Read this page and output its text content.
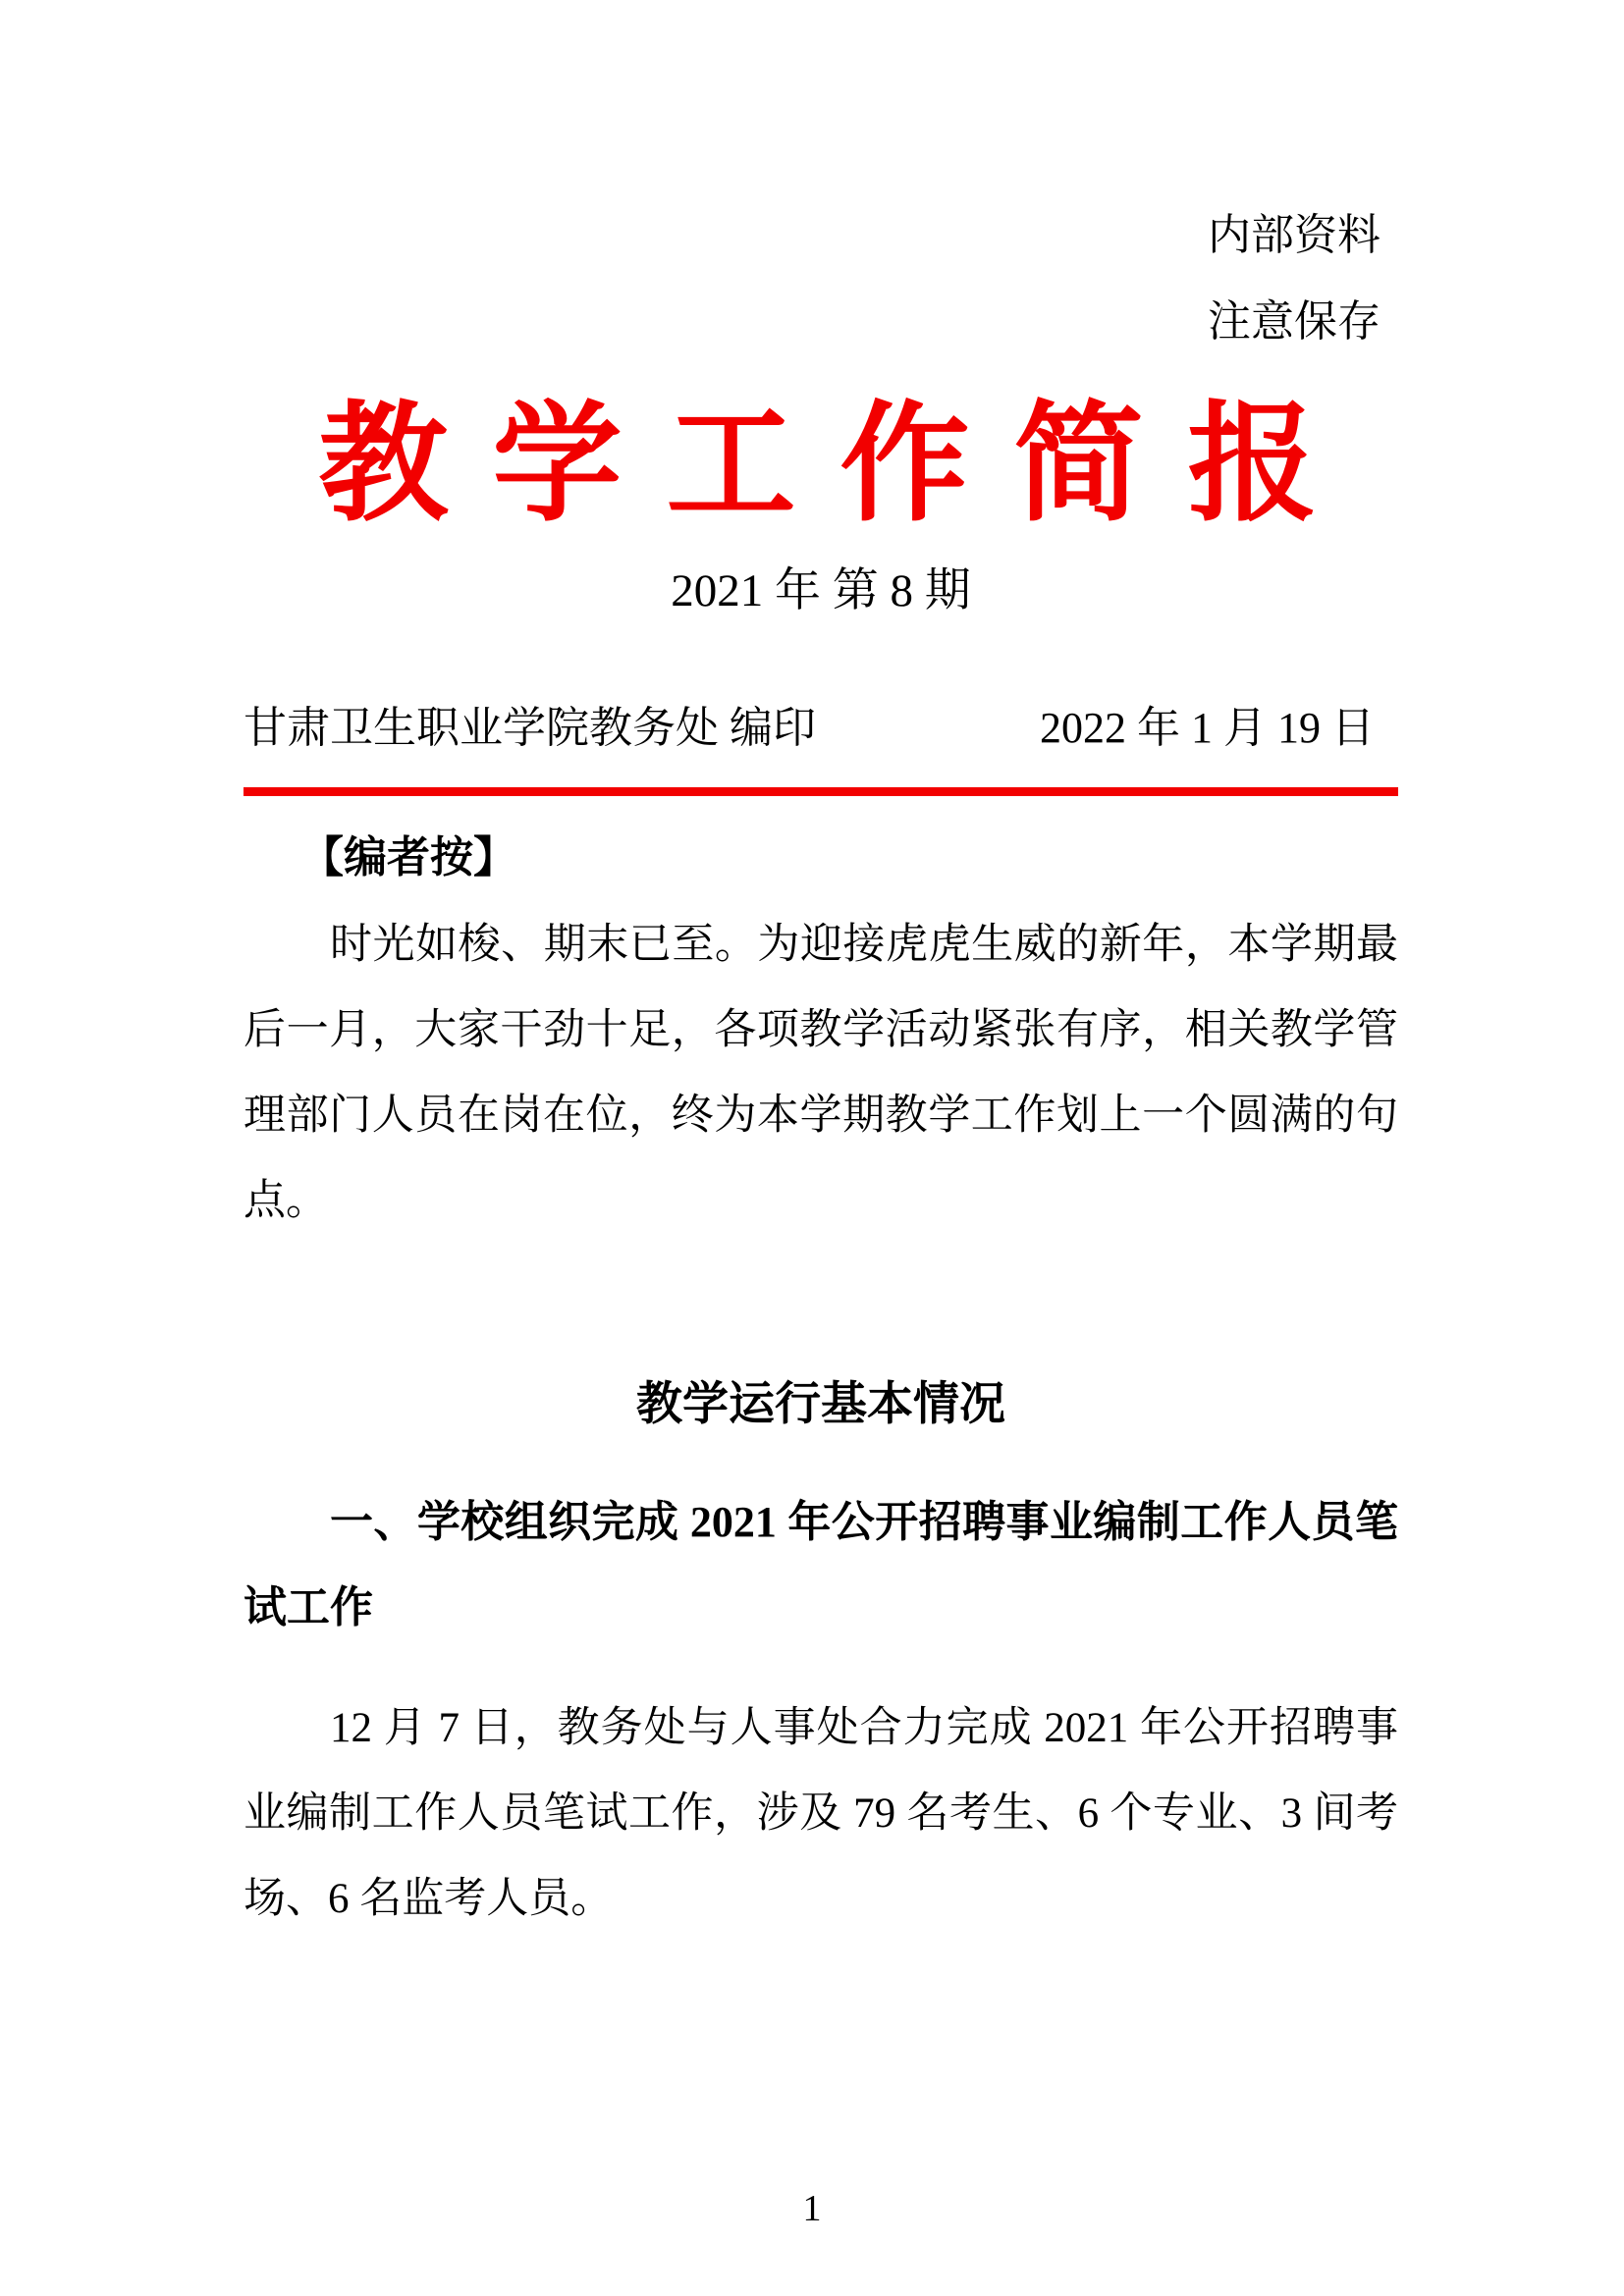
内部资料
注意保存
教 学 工 作 简 报
2021 年 第 8 期
甘肃卫生职业学院教务处 编印	2022 年 1 月 19 日
【编者按】

时光如梭、期末已至。为迎接虎虎生威的新年，本学期最后一月，大家干劲十足，各项教学活动紧张有序，相关教学管理部门人员在岗在位，终为本学期教学工作划上一个圆满的句点。

教学运行基本情况
一、学校组织完成 2021 年公开招聘事业编制工作人员笔试工作

12 月 7 日，教务处与人事处合力完成 2021 年公开招聘事业编制工作人员笔试工作，涉及 79 名考生、6 个专业、3 间考场、6 名监考人员。

1
